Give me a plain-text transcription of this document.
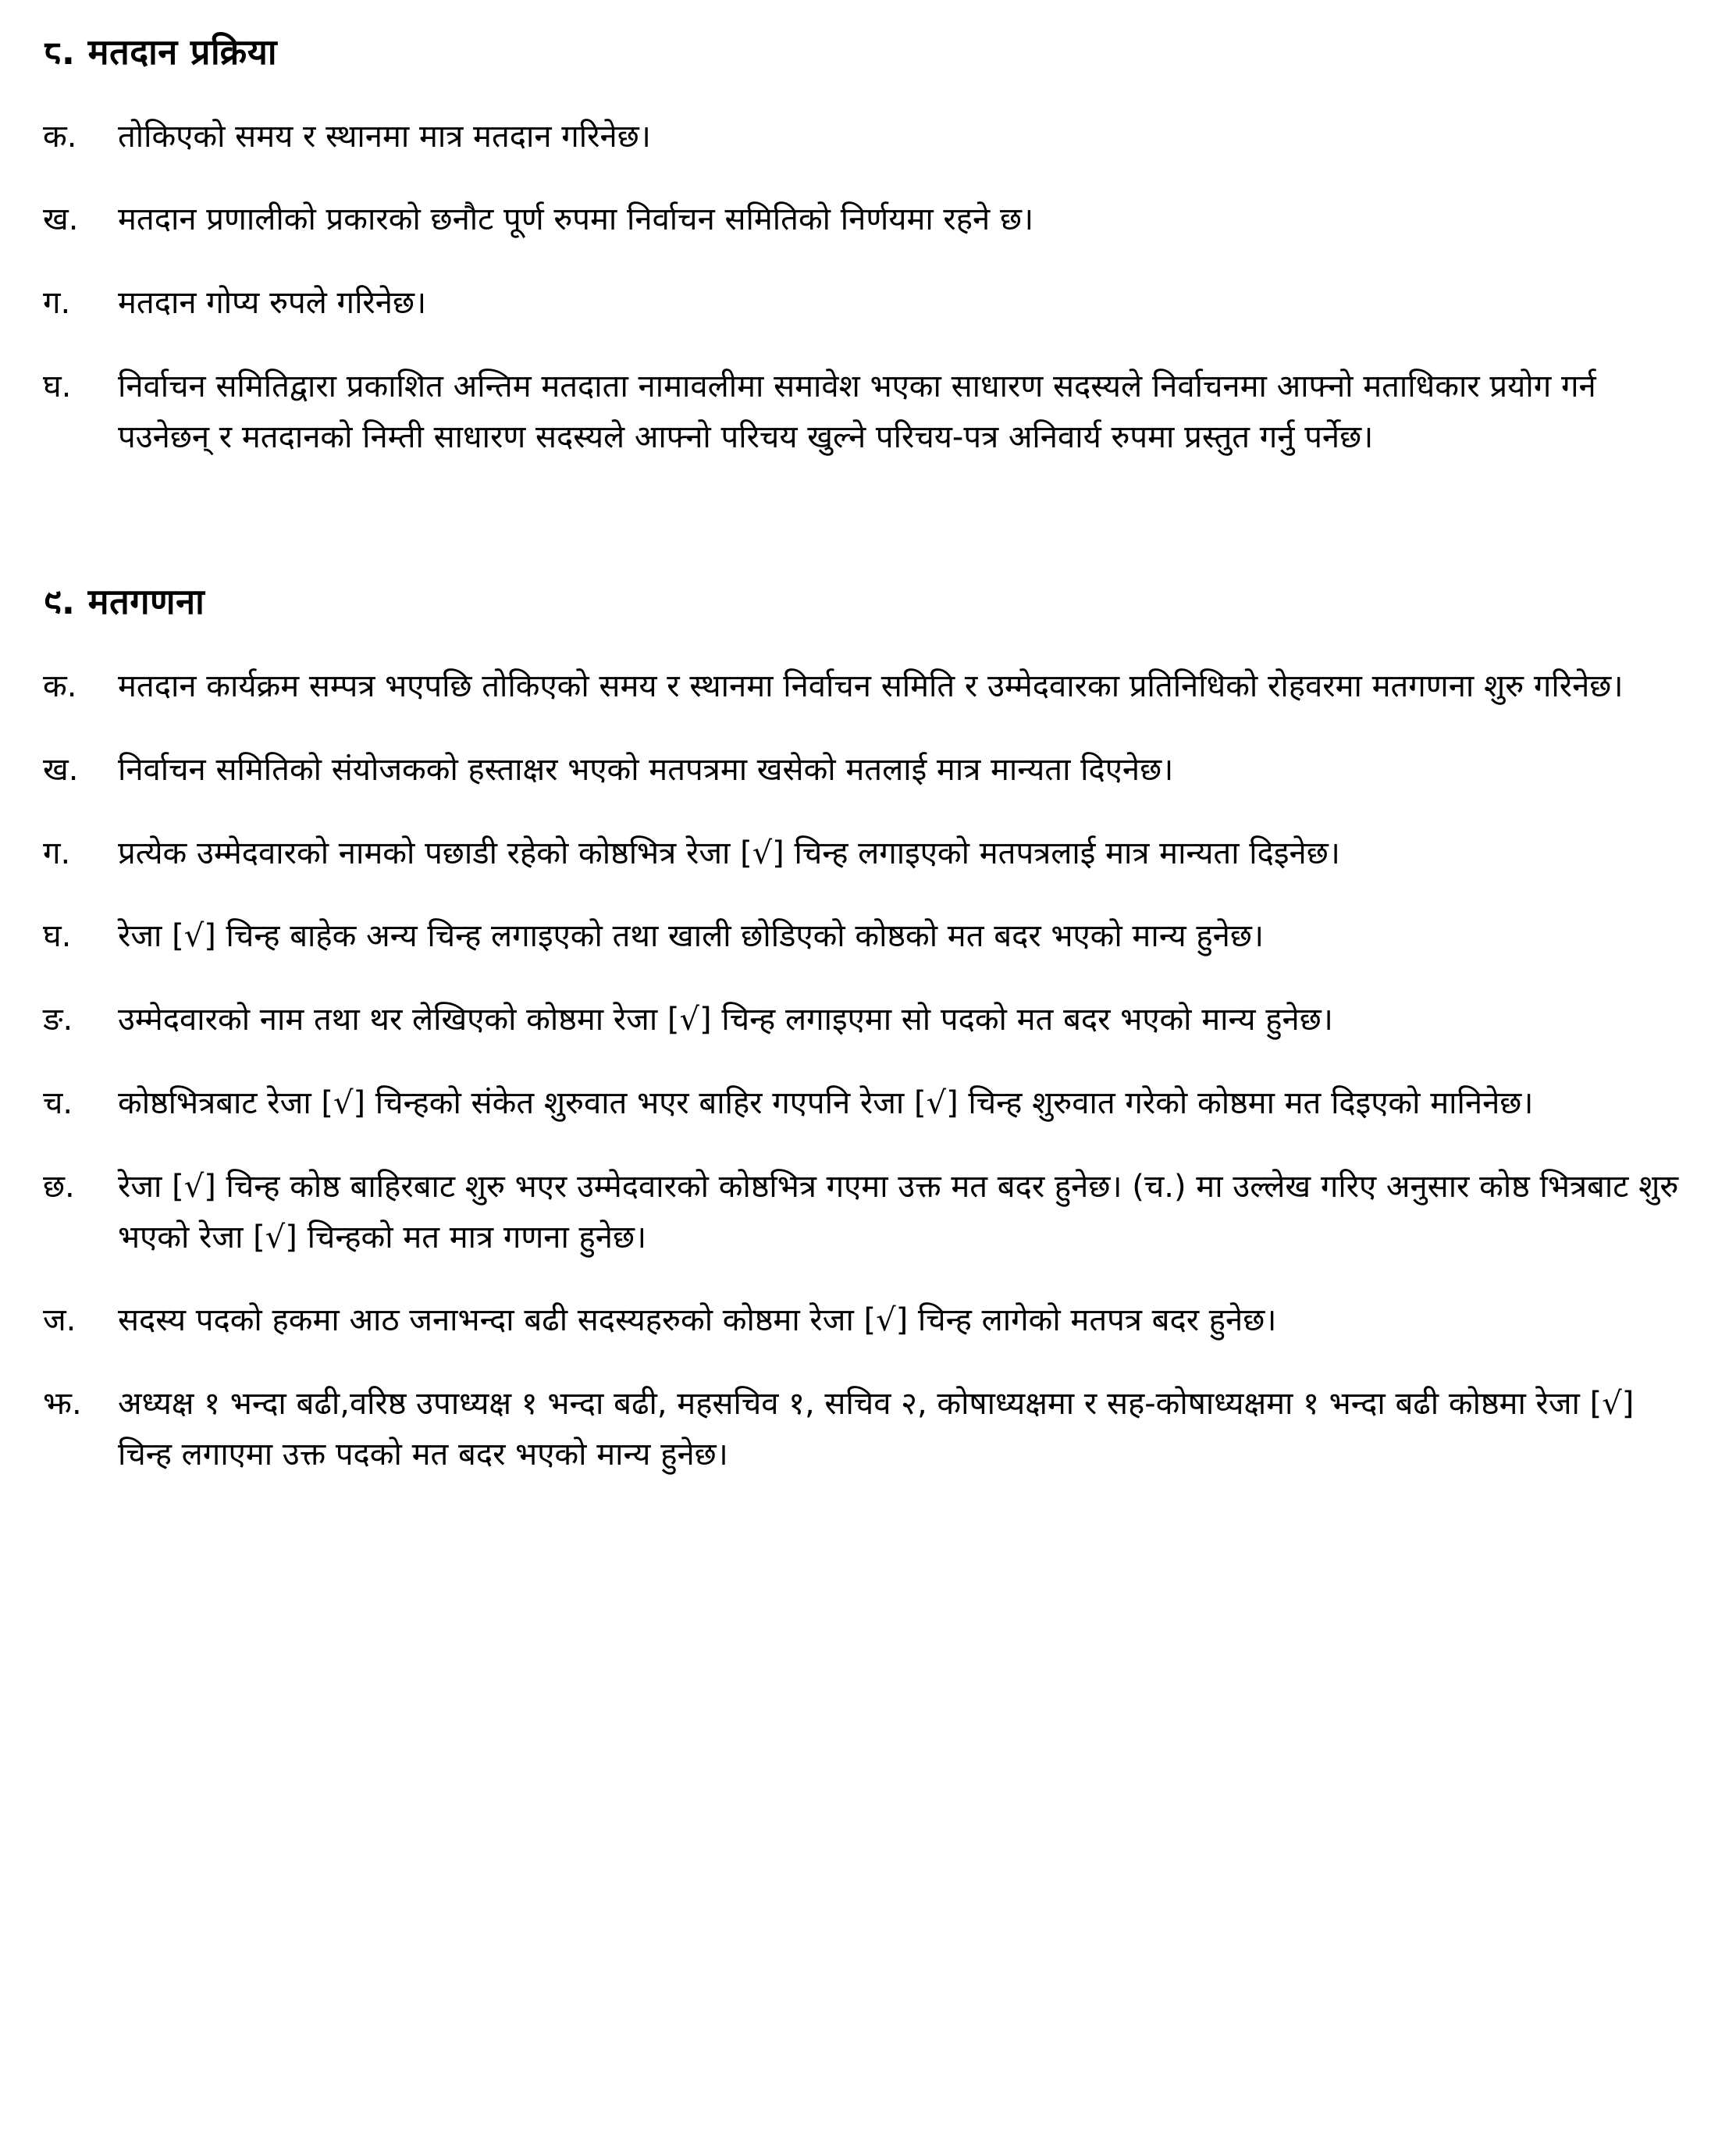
८. मतदान प्रक्रिया
क.	तोकिएको समय र स्थानमा मात्र मतदान गरिनेछ।
ख.	मतदान प्रणालीको प्रकारको छनौट पूर्ण रुपमा निर्वाचन समितिको निर्णयमा रहने छ।
ग.	मतदान गोप्य रुपले गरिनेछ।
घ.	निर्वाचन समितिद्वारा प्रकाशित अन्तिम मतदाता नामावलीमा समावेश भएका साधारण सदस्यले निर्वाचनमा आफ्नो मताधिकार प्रयोग गर्न पउनेछन् र मतदानको निम्ती साधारण सदस्यले आफ्नो परिचय खुल्ने परिचय-पत्र अनिवार्य रुपमा प्रस्तुत गर्नु पर्नेछ।
९. मतगणना
क.	मतदान कार्यक्रम सम्पत्र भएपछि तोकिएको समय र स्थानमा निर्वाचन समिति र उम्मेदवारका प्रतिनिधिको रोहवरमा मतगणना शुरु गरिनेछ।
ख.	निर्वाचन समितिको संयोजकको हस्ताक्षर भएको मतपत्रमा खसेको मतलाई मात्र मान्यता दिएनेछ।
ग.	प्रत्येक उम्मेदवारको नामको पछाडी रहेको कोष्ठभित्र रेजा [√] चिन्ह लगाइएको मतपत्रलाई मात्र मान्यता दिइनेछ।
घ.	रेजा [√] चिन्ह बाहेक अन्य चिन्ह लगाइएको तथा खाली छोडिएको कोष्ठको मत बदर भएको मान्य हुनेछ।
ङ.	उम्मेदवारको नाम तथा थर लेखिएको कोष्ठमा रेजा [√] चिन्ह लगाइएमा सो पदको मत बदर भएको मान्य हुनेछ।
च.	कोष्ठभित्रबाट रेजा [√] चिन्हको संकेत शुरुवात भएर बाहिर गएपनि रेजा [√] चिन्ह शुरुवात गरेको कोष्ठमा मत दिइएको मानिनेछ।
छ.	रेजा [√] चिन्ह कोष्ठ बाहिरबाट शुरु भएर उम्मेदवारको कोष्ठभित्र गएमा उक्त मत बदर हुनेछ। (च.) मा उल्लेख गरिए अनुसार कोष्ठ भित्रबाट शुरु भएको रेजा [√] चिन्हको मत मात्र गणना हुनेछ।
ज.	सदस्य पदको हकमा आठ जनाभन्दा बढी सदस्यहरुको कोष्ठमा रेजा [√] चिन्ह लागेको मतपत्र बदर हुनेछ।
झ.	अध्यक्ष १ भन्दा बढी,वरिष्ठ उपाध्यक्ष १ भन्दा बढी, महसचिव १, सचिव २, कोषाध्यक्षमा र सह-कोषाध्यक्षमा १ भन्दा बढी कोष्ठमा रेजा [√] चिन्ह लगाएमा उक्त पदको मत बदर भएको मान्य हुनेछ।
